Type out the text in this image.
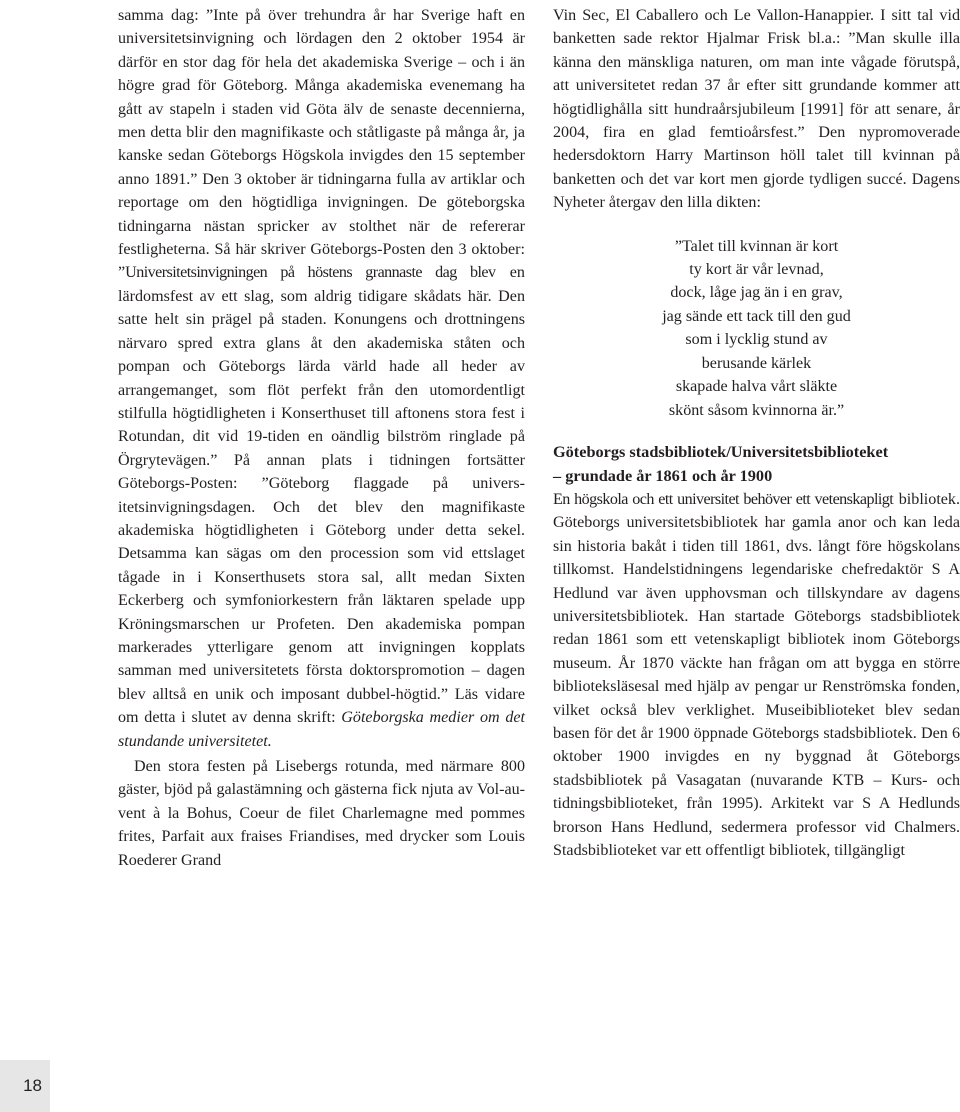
samma dag: ”Inte på över trehundra år har Sverige haft en universitetsinvigning och lördagen den 2 oktober 1954 är därför en stor dag för hela det akademiska Sverige – och i än högre grad för Göteborg. Många akademiska evenemang ha gått av stapeln i staden vid Göta älv de senaste decennierna, men detta blir den magnifikaste och ståtligaste på många år, ja kanske sedan Göteborgs Högskola invigdes den 15 september anno 1891.” Den 3 oktober är tidningarna fulla av artiklar och reportage om den högtidliga invigningen. De göteborgska tidningarna nästan spricker av stolthet när de refererar festligheterna. Så här skriver Göteborgs-Posten den 3 oktober: ”Universitetsinvigningen på höstens grannaste dag blev en lärdomsfest av ett slag, som aldrig tidigare skådats här. Den satte helt sin prägel på staden. Konungens och drottningens närvaro spred extra glans åt den akademiska ståten och pompan och Göteborgs lärda värld hade all heder av arrangemanget, som flöt perfekt från den utomordentligt stilfulla högtidligheten i Konserthuset till aftonens stora fest i Rotundan, dit vid 19-tiden en oändlig bilström ringlade på Örgrytevägen.” På annan plats i tidningen fortsätter Göteborgs-Posten: ”Göteborg flaggade på univers-itetsinvigningsdagen. Och det blev den magnifikaste akademiska högtidligheten i Göteborg under detta sekel. Detsamma kan sägas om den procession som vid ettslaget tågade in i Konserthusets stora sal, allt medan Sixten Eckerberg och symfoniorkestern från läktaren spelade upp Kröningsmarschen ur Profeten. Den akademiska pompan markerades ytterligare genom att invigningen kopplats samman med universitetets första doktorspromotion – dagen blev alltså en unik och imposant dubbel-högtid.” Läs vidare om detta i slutet av denna skrift: Göteborgska medier om det stundande universitetet.

Den stora festen på Lisebergs rotunda, med närmare 800 gäster, bjöd på galastämning och gästerna fick njuta av Vol-au-vent à la Bohus, Coeur de filet Charlemagne med pommes frites, Parfait aux fraises Friandises, med drycker som Louis Roederer Grand

Vin Sec, El Caballero och Le Vallon-Hanappier. I sitt tal vid banketten sade rektor Hjalmar Frisk bl.a.: ”Man skulle illa känna den mänskliga naturen, om man inte vågade förutspå, att universitetet redan 37 år efter sitt grundande kommer att högtidlighålla sitt hundraårsjubileum [1991] för att senare, år 2004, fira en glad femtioårsfest.” Den nypromoverade hedersdoktorn Harry Martinson höll talet till kvinnan på banketten och det var kort men gjorde tydligen succé. Dagens Nyheter återgav den lilla dikten:

”Talet till kvinnan är kort
ty kort är vår levnad,
dock, låge jag än i en grav,
jag sände ett tack till den gud
som i lycklig stund av
berusande kärlek
skapade halva vårt släkte
skönt såsom kvinnorna är.”
Göteborgs stadsbibliotek/Universitetsbiblioteket
– grundade år 1861 och år 1900

En högskola och ett universitet behöver ett vetenskapligt bibliotek. Göteborgs universitetsbibliotek har gamla anor och kan leda sin historia bakåt i tiden till 1861, dvs. långt före högskolans tillkomst. Handelstidningens legendariske chefredaktör S A Hedlund var även upphovsman och tillskyndare av dagens universitetsbibliotek. Han startade Göteborgs stadsbibliotek redan 1861 som ett vetenskapligt bibliotek inom Göteborgs museum. År 1870 väckte han frågan om att bygga en större biblioteksläsesal med hjälp av pengar ur Renströmska fonden, vilket också blev verklighet. Museibiblioteket blev sedan basen för det år 1900 öppnade Göteborgs stadsbibliotek. Den 6 oktober 1900 invigdes en ny byggnad åt Göteborgs stadsbibliotek på Vasagatan (nuvarande KTB – Kurs- och tidningsbiblioteket, från 1995). Arkitekt var S A Hedlunds brorson Hans Hedlund, sedermera professor vid Chalmers. Stadsbiblioteket var ett offentligt bibliotek, tillgängligt

18
